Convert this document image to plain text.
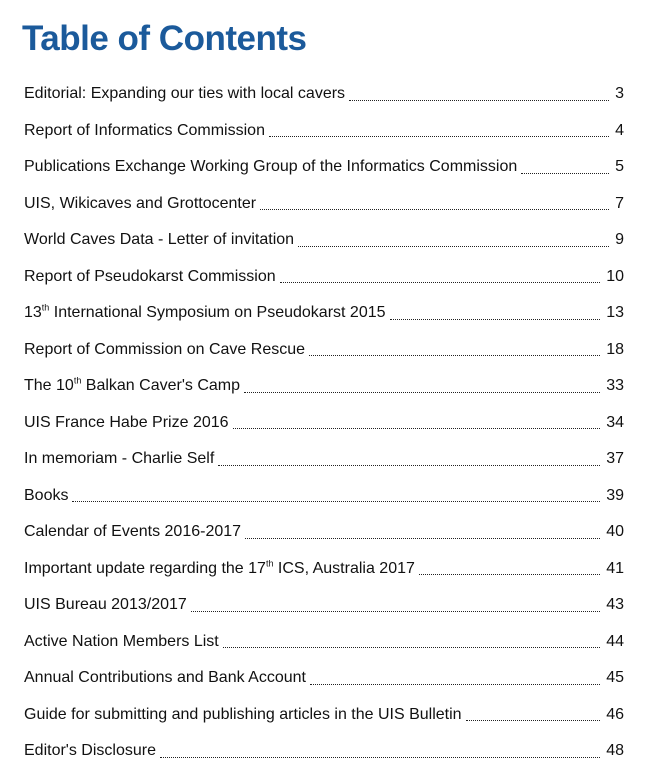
Table of Contents
Editorial: Expanding our ties with local cavers	3
Report of Informatics Commission	4
Publications Exchange Working Group of the Informatics Commission	5
UIS, Wikicaves and Grottocenter	7
World Caves Data - Letter of invitation	9
Report of Pseudokarst Commission	10
13th International Symposium on Pseudokarst 2015	13
Report of Commission on Cave Rescue	18
The 10th Balkan Caver's Camp	33
UIS France Habe Prize 2016	34
In memoriam - Charlie Self	37
Books	39
Calendar of Events 2016-2017	40
Important update regarding the 17th ICS, Australia 2017	41
UIS Bureau 2013/2017	43
Active Nation Members List	44
Annual Contributions and Bank Account	45
Guide for submitting and publishing articles in the UIS Bulletin	46
Editor's Disclosure	48
